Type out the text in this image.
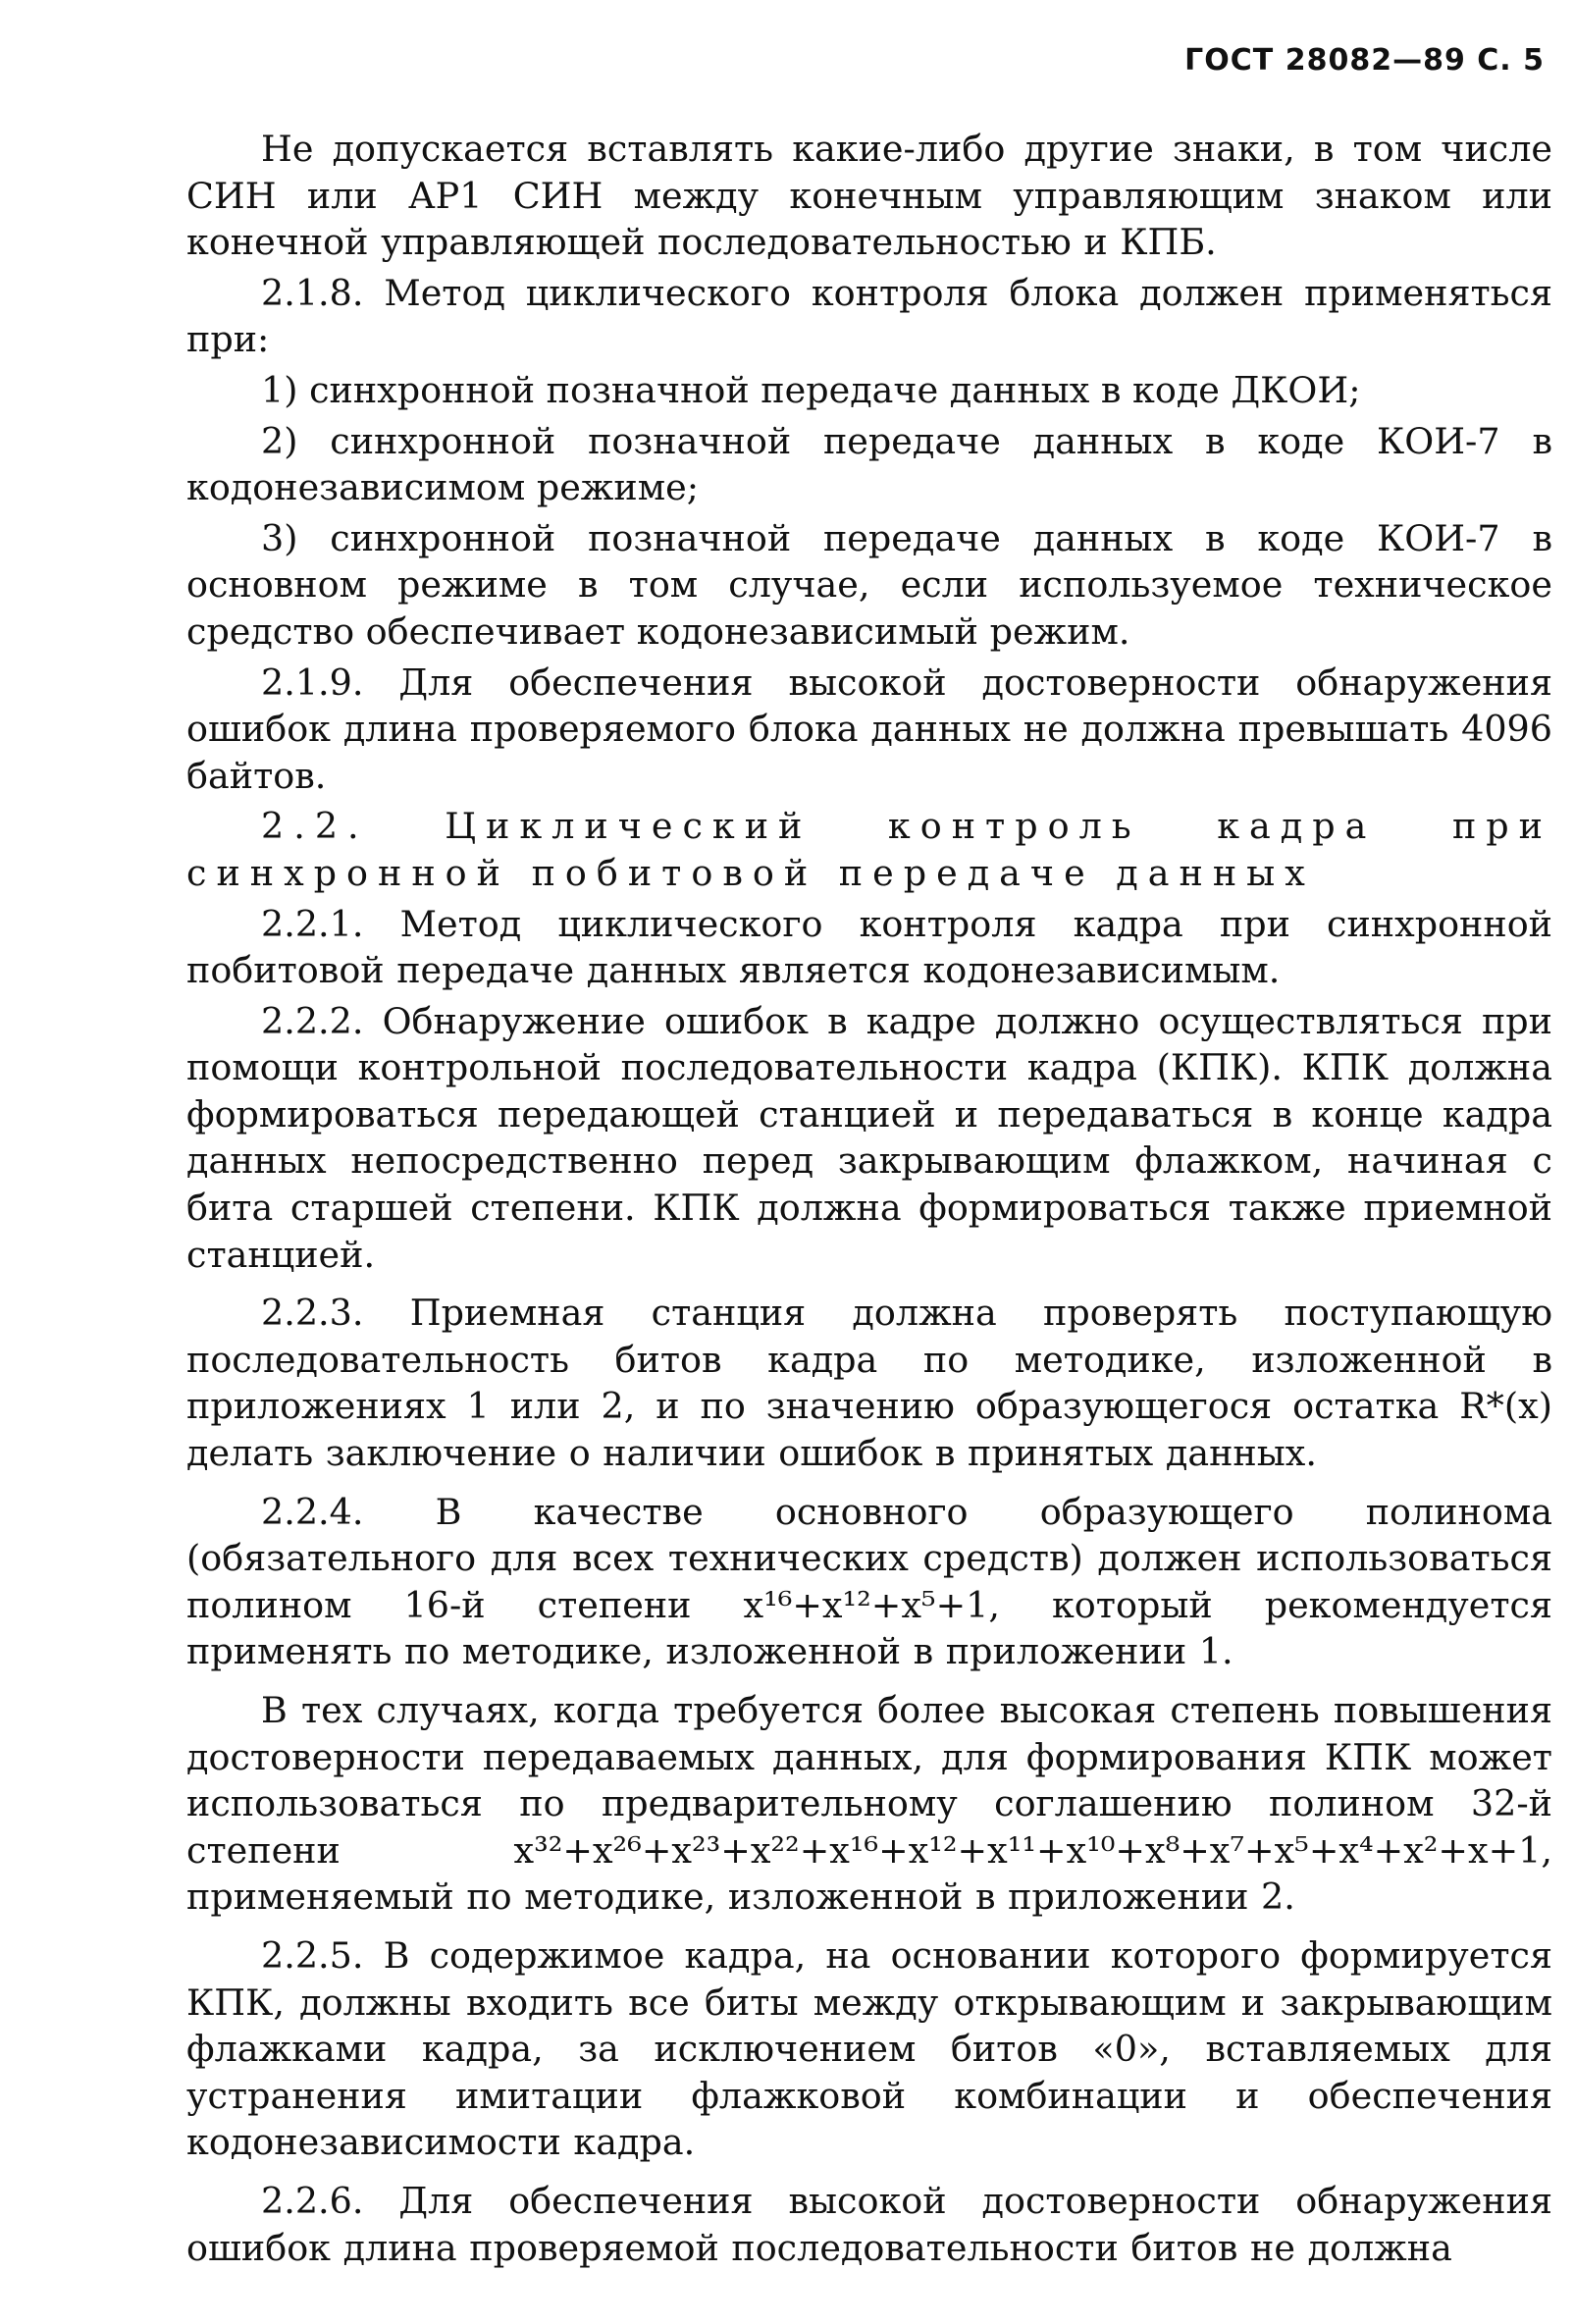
ГОСТ 28082—89 С. 5

Не допускается вставлять какие-либо другие знаки, в том числе СИН или АР1 СИН между конечным управляющим знаком или конечной управляющей последовательностью и КПБ.

2.1.8. Метод циклического контроля блока должен применяться при:

1) синхронной позначной передаче данных в коде ДКОИ;

2) синхронной позначной передаче данных в коде КОИ-7 в кодонезависимом режиме;

3) синхронной позначной передаче данных в коде КОИ-7 в основном режиме в том случае, если используемое техническое средство обеспечивает кодонезависимый режим.

2.1.9. Для обеспечения высокой достоверности обнаружения ошибок длина проверяемого блока данных не должна превышать 4096 байтов.

2.2. Циклический контроль кадра при синхронной побитовой передаче данных

2.2.1. Метод циклического контроля кадра при синхронной побитовой передаче данных является кодонезависимым.

2.2.2. Обнаружение ошибок в кадре должно осуществляться при помощи контрольной последовательности кадра (КПК). КПК должна формироваться передающей станцией и передаваться в конце кадра данных непосредственно перед закрывающим флажком, начиная с бита старшей степени. КПК должна формироваться также приемной станцией.

2.2.3. Приемная станция должна проверять поступающую последовательность битов кадра по методике, изложенной в приложениях 1 или 2, и по значению образующегося остатка R*(x) делать заключение о наличии ошибок в принятых данных.

2.2.4. В качестве основного образующего полинома (обязательного для всех технических средств) должен использоваться полином 16-й степени x¹⁶+x¹²+x⁵+1, который рекомендуется применять по методике, изложенной в приложении 1.

В тех случаях, когда требуется более высокая степень повышения достоверности передаваемых данных, для формирования КПК может использоваться по предварительному соглашению полином 32-й степени x³²+x²⁶+x²³+x²²+x¹⁶+x¹²+x¹¹+x¹⁰+x⁸+x⁷+x⁵+x⁴+x²+x+1, применяемый по методике, изложенной в приложении 2.

2.2.5. В содержимое кадра, на основании которого формируется КПК, должны входить все биты между открывающим и закрывающим флажками кадра, за исключением битов «0», вставляемых для устранения имитации флажковой комбинации и обеспечения кодонезависимости кадра.

2.2.6. Для обеспечения высокой достоверности обнаружения ошибок длина проверяемой последовательности битов не должна
